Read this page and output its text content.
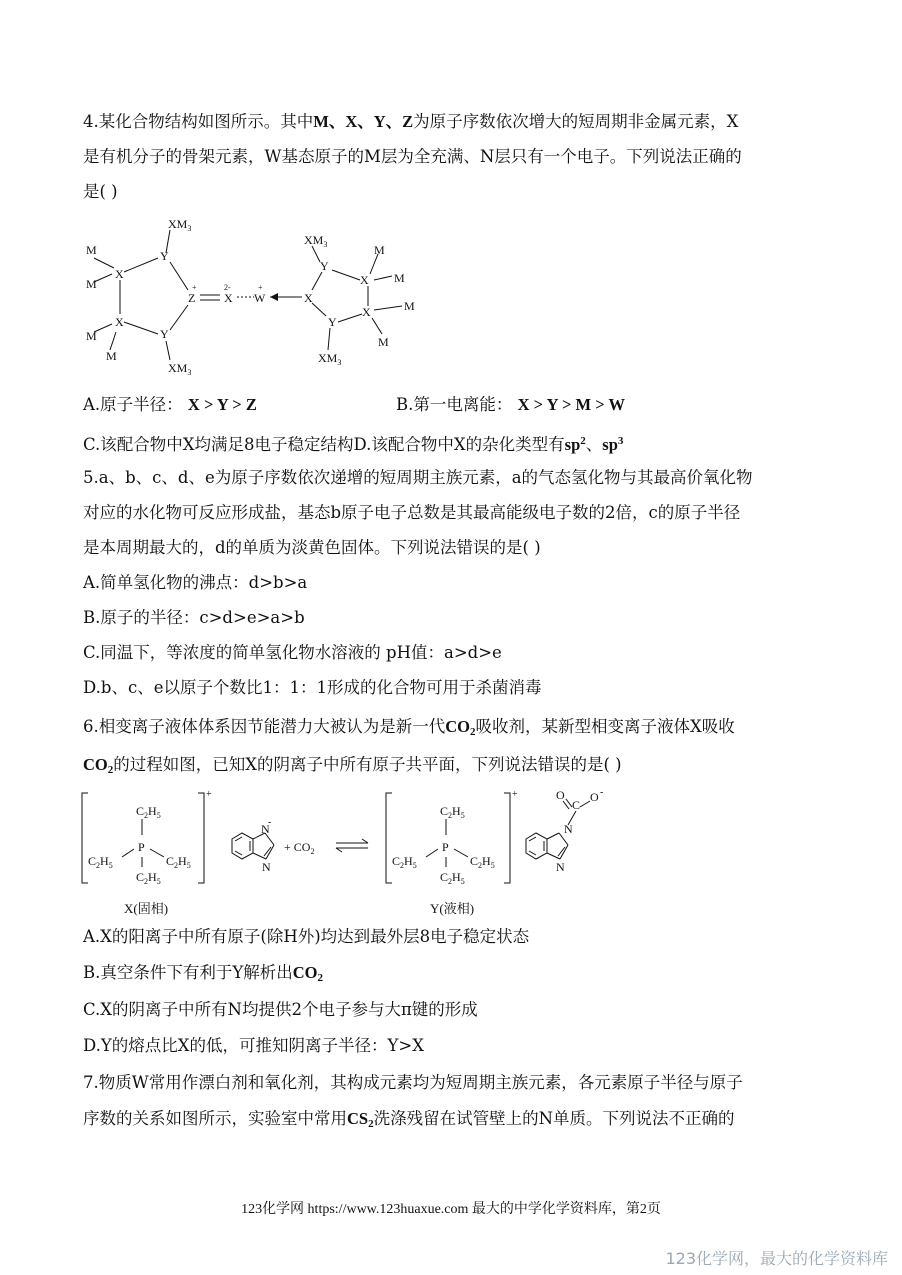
4.某化合物结构如图所示。其中M、X、Y、Z为原子序数依次增大的短周期非金属元素，X
是有机分子的骨架元素，W基态原子的M层为全充满、N层只有一个电子。下列说法正确的
是( )
Y
X
X
Y
Z
+
X
2-
W
+
X
Y
X
X
Y
M
M
M
M
M
M
M
M
$XM_3$
$XM_3$
$XM_3$
$XM_3$
A.原子半径： X > Y > Z	B.第一电离能： X > Y > M > W
C.该配合物中X均满足8电子稳定结构D.该配合物中X的杂化类型有$sp^2$、$sp^3$
5.a、b、c、d、e为原子序数依次递增的短周期主族元素，a的气态氢化物与其最高价氧化物
对应的水化物可反应形成盐，基态b原子电子总数是其最高能级电子数的2倍，c的原子半径
是本周期最大的，d的单质为淡黄色固体。下列说法错误的是( )
A.简单氢化物的沸点：d>b>a
B.原子的半径：c>d>e>a>b
C.同温下，等浓度的简单氢化物水溶液的 pH值：a>d>e
D.b、c、e以原子个数比1：1：1形成的化合物可用于杀菌消毒
6.相变离子液体体系因节能潜力大被认为是新一代$CO_2$吸收剂，某新型相变离子液体X吸收
$CO_2$的过程如图，已知X的阴离子中所有原子共平面，下列说法错误的是( )
$C_2H_5$
P
$C_2H_5$	$C_2H_5$
$C_2H_5$
+
N
-
N
+ $CO_2$
$C_2H_5$
P
$C_2H_5$	$C_2H_5$
$C_2H_5$
+
N
N
C
O O -
X(固相)	Y(液相)
A.X的阳离子中所有原子(除H外)均达到最外层8电子稳定状态
B.真空条件下有利于Y解析出$CO_2$
C.X的阴离子中所有N均提供2个电子参与大π键的形成
D.Y的熔点比X的低，可推知阴离子半径：Y>X
7.物质W常用作漂白剂和氧化剂，其构成元素均为短周期主族元素，各元素原子半径与原子
序数的关系如图所示，实验室中常用$CS_2$洗涤残留在试管壁上的N单质。下列说法不正确的
123化学网 https://www.123huaxue.com 最大的中学化学资料库，第2页
123化学网，最大的化学资料库
